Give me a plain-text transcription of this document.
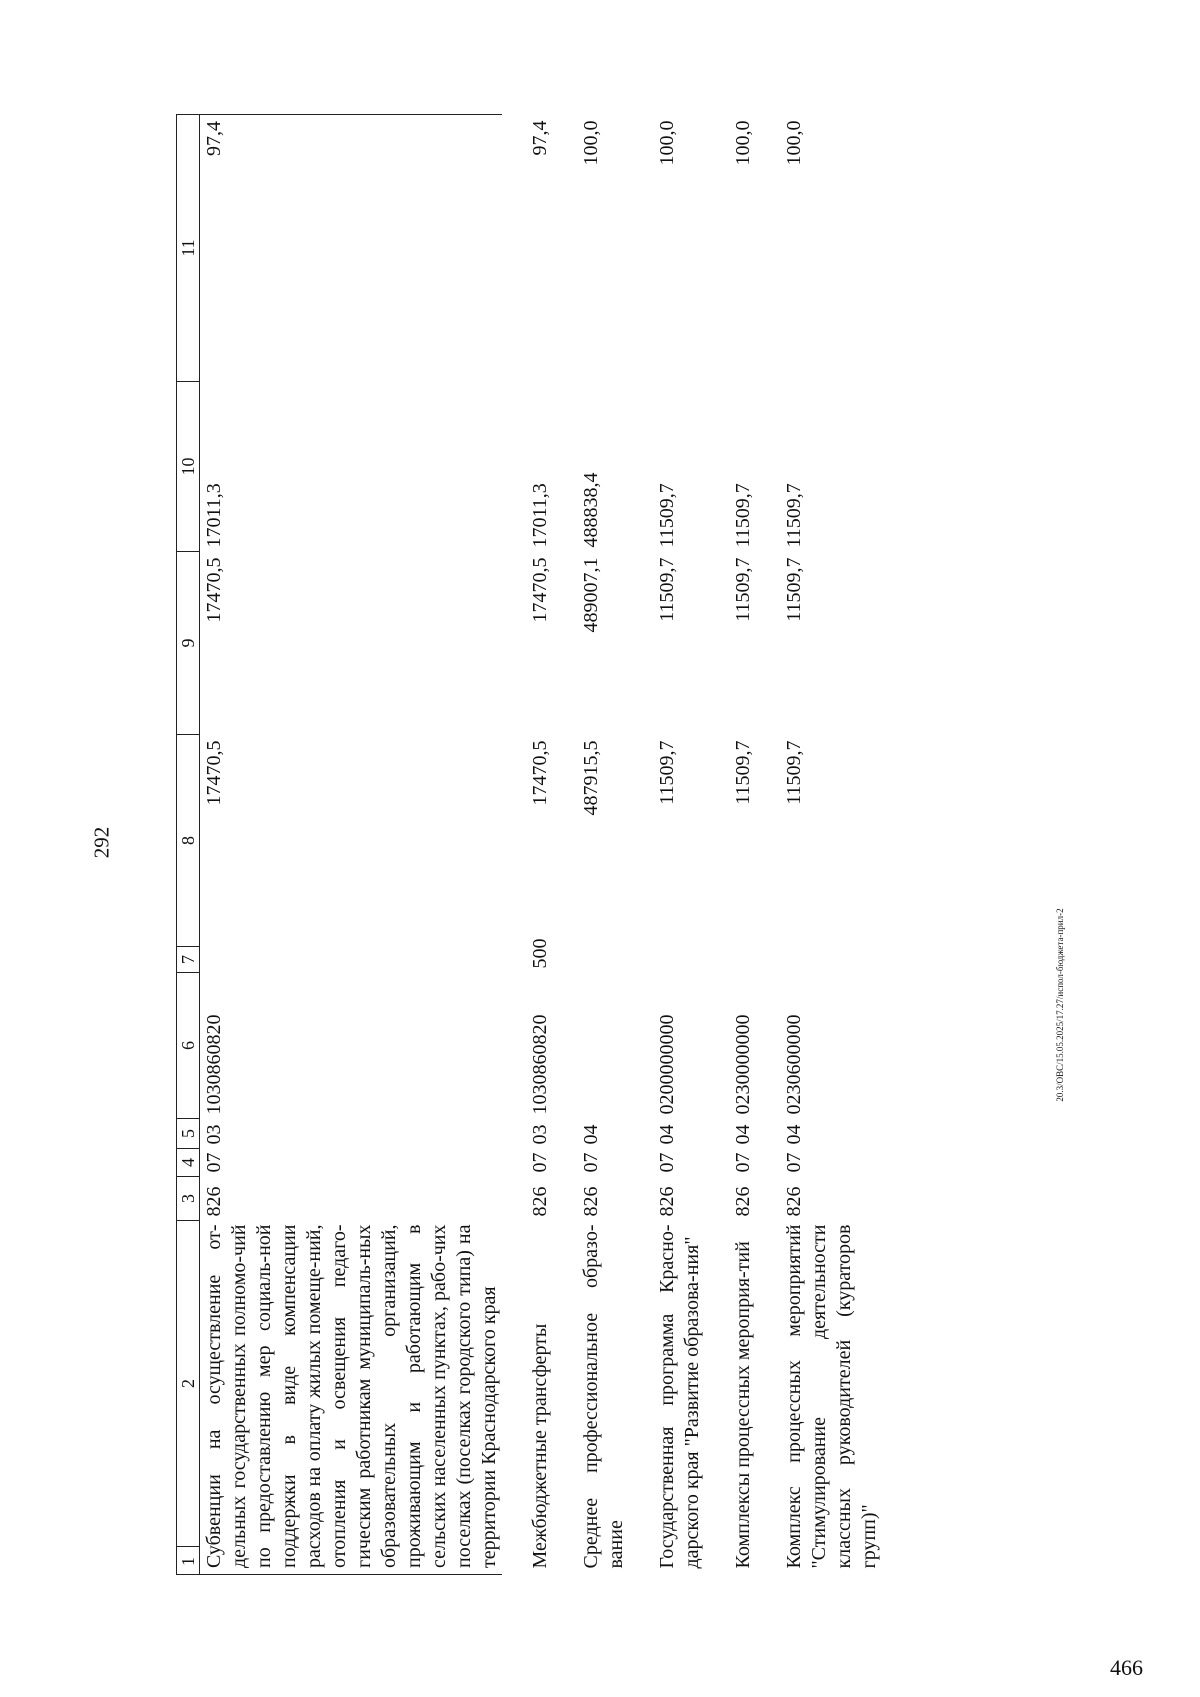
292
1	2	3	4	5	6	7	8	9	10	11
Субвенции на осуществление от-дельных государственных полномо-чий по предоставлению мер социаль-ной поддержки в виде компенсации расходов на оплату жилых помеще-ний, отопления и освещения педаго-гическим работникам муниципаль-ных образовательных организаций, проживающим и работающим в сельских населенных пунктах, рабо-чих поселках (поселках городского типа) на территории Краснодарского края		826	07	03	1030860820		17470,5	17470,5	17011,3	97,4

Межбюджетные трансферты		826	07	03	1030860820	500	17470,5	17470,5	17011,3	97,4

Среднее профессиональное образо-вание		826	07	04			487915,5	489007,1	488838,4	100,0

Государственная программа Красно-дарского края "Развитие образова-ния"		826	07	04	0200000000		11509,7	11509,7	11509,7	100,0

Комплексы процессных мероприя-тий		826	07	04	0230000000		11509,7	11509,7	11509,7	100,0

Комплекс процессных мероприятий "Стимулирование деятельности классных руководителей (кураторов групп)"		826	07	04	0230600000		11509,7	11509,7	11509,7	100,0
20.3/ОВС/15.05.2025/17.27/испол-бюджета-прил-2
466
